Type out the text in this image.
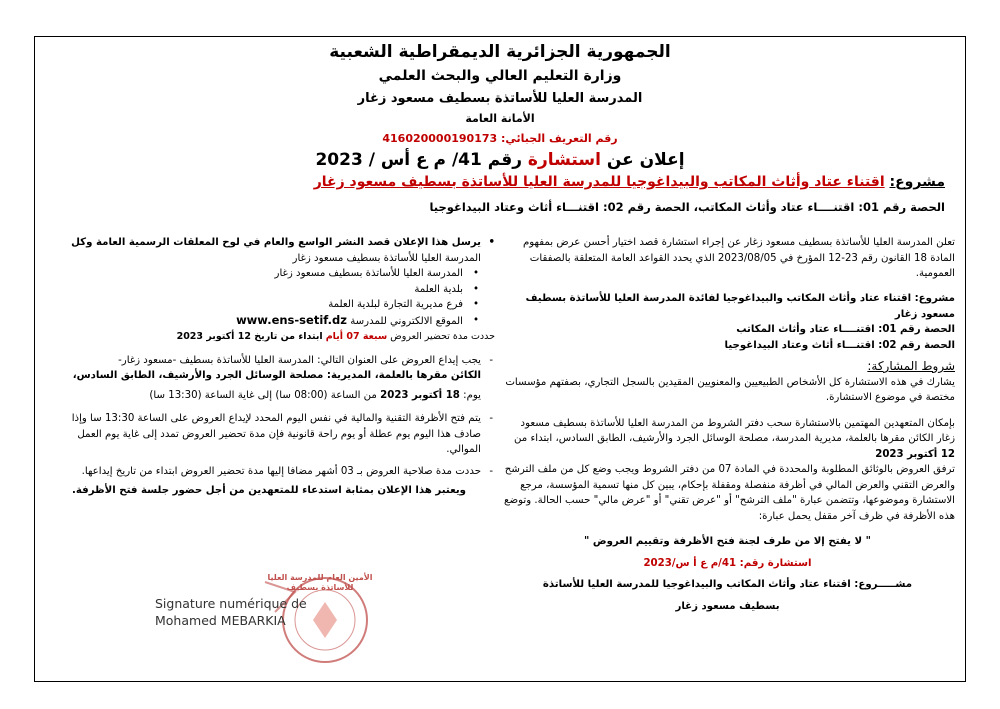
الجمهورية الجزائرية الديمقراطية الشعبية
وزارة التعليم العالي والبحث العلمي
المدرسة العليا للأساتذة بسطيف مسعود زغار
الأمانة العامة
رقم التعريف الجبائي: 416020000190173
إعلان عن استشارة رقم 41/ م ع أس / 2023
مشروع: اقتناء عتاد وأثاث المكاتب والبيداغوجيا للمدرسة العليا للأساتذة بسطيف مسعود زغار
الحصة رقم 01: اقتنــــاء عتاد وأثاث المكاتب، الحصة رقم 02: اقتنـــاء أثاث وعتاد البيداغوجيا

تعلن المدرسة العليا للأساتذة بسطيف مسعود زغار عن إجراء استشارة قصد اختيار أحسن عرض بمفهوم المادة 18 القانون رقم 23-12 المؤرخ في 2023/08/05 الذي يحدد القواعد العامة المتعلقة بالصفقات العمومية.

مشروع: اقتناء عتاد وأثاث المكاتب والبيداغوجيا لفائدة المدرسة العليا للأساتذة بسطيف مسعود زغار

الحصة رقم 01: اقتنــــاء عتاد وأثاث المكاتب

الحصة رقم 02: اقتنـــاء أثاث وعتاد البيداغوجيا

شروط المشاركة:

يشارك في هذه الاستشارة كل الأشخاص الطبيعيين والمعنويين المقيدين بالسجل التجاري، بصفتهم مؤسسات مختصة في موضوع الاستشارة.

بإمكان المتعهدين المهتمين بالاستشارة سحب دفتر الشروط من المدرسة العليا للأساتذة بسطيف مسعود زغار الكائن مقرها بالعلمة، مديرية المدرسة، مصلحة الوسائل الجرد والأرشيف، الطابق السادس، ابتداء من 12 أكتوبر 2023

ترفق العروض بالوثائق المطلوبة والمحددة في المادة 07 من دفتر الشروط ويجب وضع كل من ملف الترشح والعرض التقني والعرض المالي في أظرفة منفصلة ومقفلة بإحكام، يبين كل منها تسمية المؤسسة، مرجع الاستشارة وموضوعها، وتتضمن عبارة "ملف الترشح" أو "عرض تقني" أو "عرض مالي" حسب الحالة. وتوضع هذه الأظرفة في ظرف آخر مقفل يحمل عبارة:

" لا يفتح إلا من طرف لجنة فتح الأظرفة وتقييم العروض "

استشارة رقم: 41/م ع أ س/2023

مشـــــروع: اقتناء عتاد وأثاث المكاتب والبيداغوجيا للمدرسة العليا للأساتذة

بسطيف مسعود زغار

• يرسل هذا الإعلان قصد النشر الواسع والعام في لوح المعلقات الرسمية العامة وكل

المدرسة العليا للأساتذة بسطيف مسعود زغار

• المدرسة العليا للأساتذة بسطيف مسعود زغار

• بلدية العلمة

• فرع مديرية التجارة لبلدية العلمة

• الموقع الالكتروني للمدرسة www.ens-setif.dz

حددت مدة تحضير العروض سبعة 07 أيام ابتداء من تاريخ 12 أكتوبر 2023

- يجب إيداع العروض على العنوان التالي: المدرسة العليا للأساتذة بسطيف -مسعود زغار-

الكائن مقرها بالعلمة، المديرية: مصلحة الوسائل الجرد والأرشيف، الطابق السادس،

يوم: 18 أكتوبر 2023 من الساعة (08:00 سا) إلى غاية الساعة (13:30 سا)

- يتم فتح الأظرفة التقنية والمالية في نفس اليوم المحدد لإيداع العروض على الساعة 13:30 سا وإذا صادف هذا اليوم يوم عطلة أو يوم راحة قانونية فإن مدة تحضير العروض تمدد إلى غاية يوم العمل الموالي.

- حددت مدة صلاحية العروض بـ 03 أشهر مضافا إليها مدة تحضير العروض ابتداء من تاريخ إيداعها.

ويعتبر هذا الإعلان بمثابة استدعاء للمتعهدين من أجل حضور جلسة فتح الأظرفة.

الأمين العام للمدرسة العليا للأساتذة بسطيف
Signature numérique de
Mohamed MEBARKIA
